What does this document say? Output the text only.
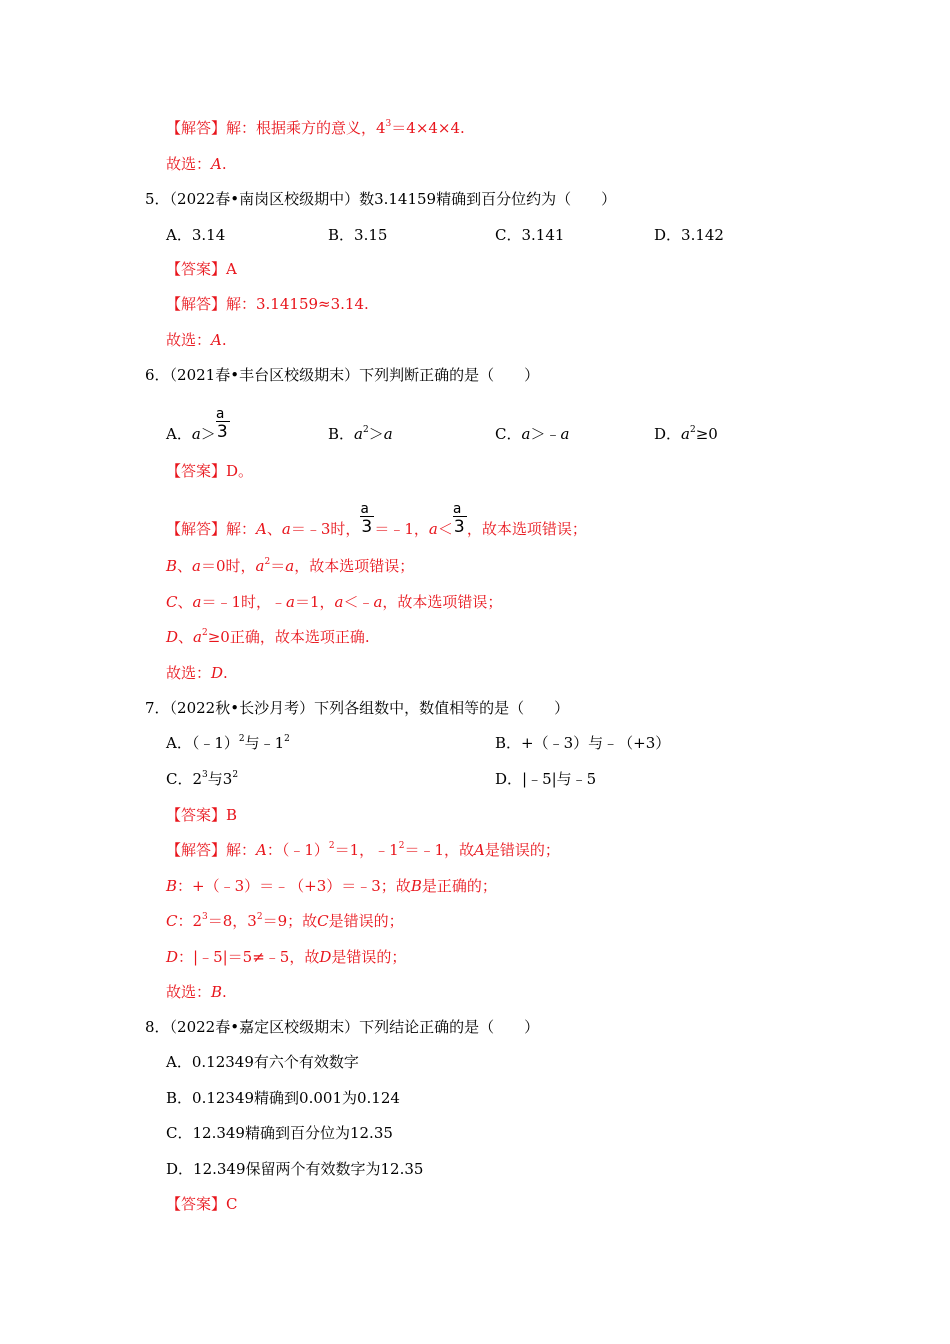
【解答】解：根据乘方的意义，$4^3=4\times 4\times 4$.
故选：A.
5．（2022春•南岗区校级期中）数3.14159精确到百分位约为（　　）
A．3.14	B．3.15	C．3.141	D．3.142
【答案】A
【解答】解：3.14159≈3.14.
故选：A.
6．（2021春•丰台区校级期末）下列判断正确的是（　　）
A．$a> \frac{a}{3}$	B．$a^2>a$	C．a＞﹣a	D．$a^2\ge 0$
【答案】D。
【解答】解：A、a＝﹣3时， $\frac{a}{3}$ ＝﹣1，$a< \frac{a}{3}$ ，故本选项错误；
B、a＝0时，$a^2=a$，故本选项错误；
C、a＝﹣1时，﹣a＝1，a＜﹣a，故本选项错误；
D、$a^2\ge 0$正确，故本选项正确.
故选：D.
7．（2022秋•长沙月考）下列各组数中，数值相等的是（　　）
A．（﹣1）$^2$与$﹣1^2$	B．+（﹣3）与﹣（+3）
C．$2^3$与$3^2$	D．|﹣5|与﹣5
【答案】B
【解答】解：A：（﹣1）$^2$＝1，$﹣1^2=﹣1$，故A是错误的；
B：+（﹣3）＝﹣（+3）＝﹣3；故B是正确的；
C：$2^3=8$，$3^2=9$；故C是错误的；
D：|﹣5|＝5≠﹣5，故D是错误的；
故选：B.
8．（2022春•嘉定区校级期末）下列结论正确的是（　　）
A．0.12349有六个有效数字
B．0.12349精确到0.001为0.124
C．12.349精确到百分位为12.35
D．12.349保留两个有效数字为12.35
【答案】C
